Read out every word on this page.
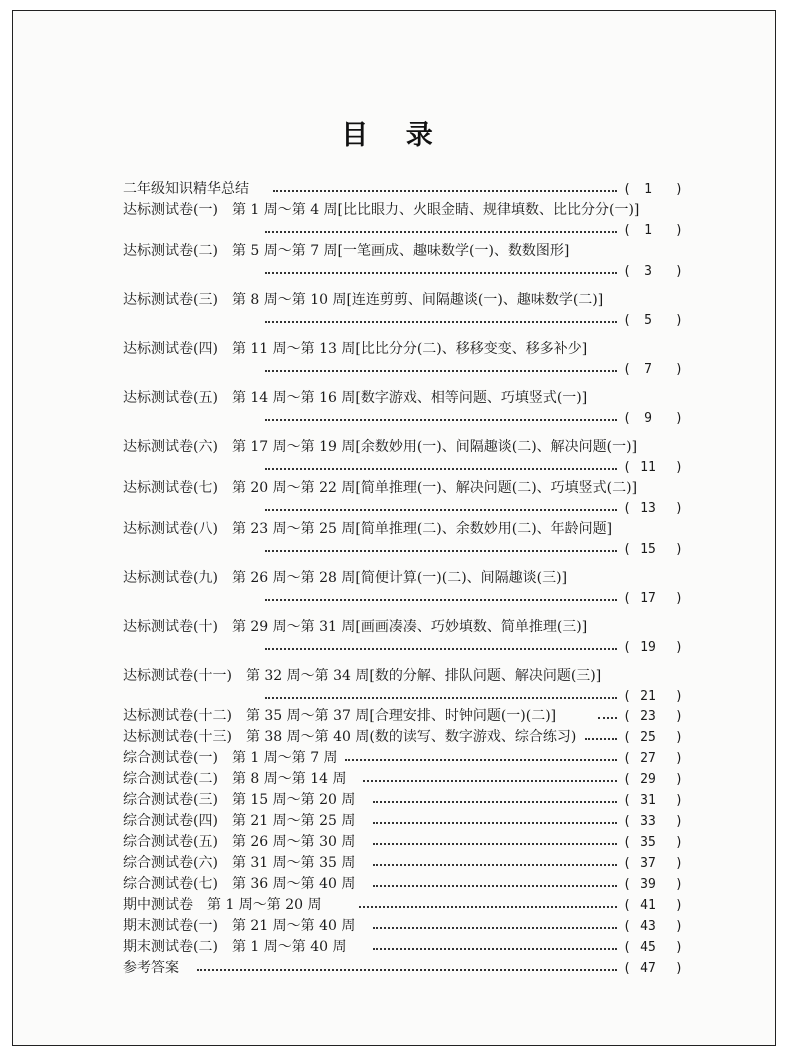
目 录
二年级知识精华总结	(	1	)
达标测试卷(一) 第 1 周～第 4 周[比比眼力、火眼金睛、规律填数、比比分分(一)]
(	1	)
达标测试卷(二) 第 5 周～第 7 周[一笔画成、趣味数学(一)、数数图形]
(	3	)
达标测试卷(三) 第 8 周～第 10 周[连连剪剪、间隔趣谈(一)、趣味数学(二)]
(	5	)
达标测试卷(四) 第 11 周～第 13 周[比比分分(二)、移移变变、移多补少]
(	7	)
达标测试卷(五) 第 14 周～第 16 周[数字游戏、相等问题、巧填竖式(一)]
(	9	)
达标测试卷(六) 第 17 周～第 19 周[余数妙用(一)、间隔趣谈(二)、解决问题(一)]
( 11	)
达标测试卷(七) 第 20 周～第 22 周[简单推理(一)、解决问题(二)、巧填竖式(二)]
( 13	)
达标测试卷(八) 第 23 周～第 25 周[简单推理(二)、余数妙用(二)、年龄问题]
( 15	)
达标测试卷(九) 第 26 周～第 28 周[简便计算(一)(二)、间隔趣谈(三)]
( 17	)
达标测试卷(十) 第 29 周～第 31 周[画画凑凑、巧妙填数、简单推理(三)]
( 19	)
达标测试卷(十一) 第 32 周～第 34 周[数的分解、排队问题、解决问题(三)]
( 21	)
达标测试卷(十二) 第 35 周～第 37 周[合理安排、时钟问题(一)(二)]	( 23	)
达标测试卷(十三) 第 38 周～第 40 周(数的读写、数字游戏、综合练习)	( 25	)
综合测试卷(一) 第 1 周～第 7 周	( 27	)
综合测试卷(二) 第 8 周～第 14 周	( 29	)
综合测试卷(三) 第 15 周～第 20 周	( 31	)
综合测试卷(四) 第 21 周～第 25 周	( 33	)
综合测试卷(五) 第 26 周～第 30 周	( 35	)
综合测试卷(六) 第 31 周～第 35 周	( 37	)
综合测试卷(七) 第 36 周～第 40 周	( 39	)
期中测试卷 第 1 周～第 20 周	( 41	)
期末测试卷(一) 第 21 周～第 40 周	( 43	)
期末测试卷(二) 第 1 周～第 40 周	( 45	)
参考答案	( 47	)
